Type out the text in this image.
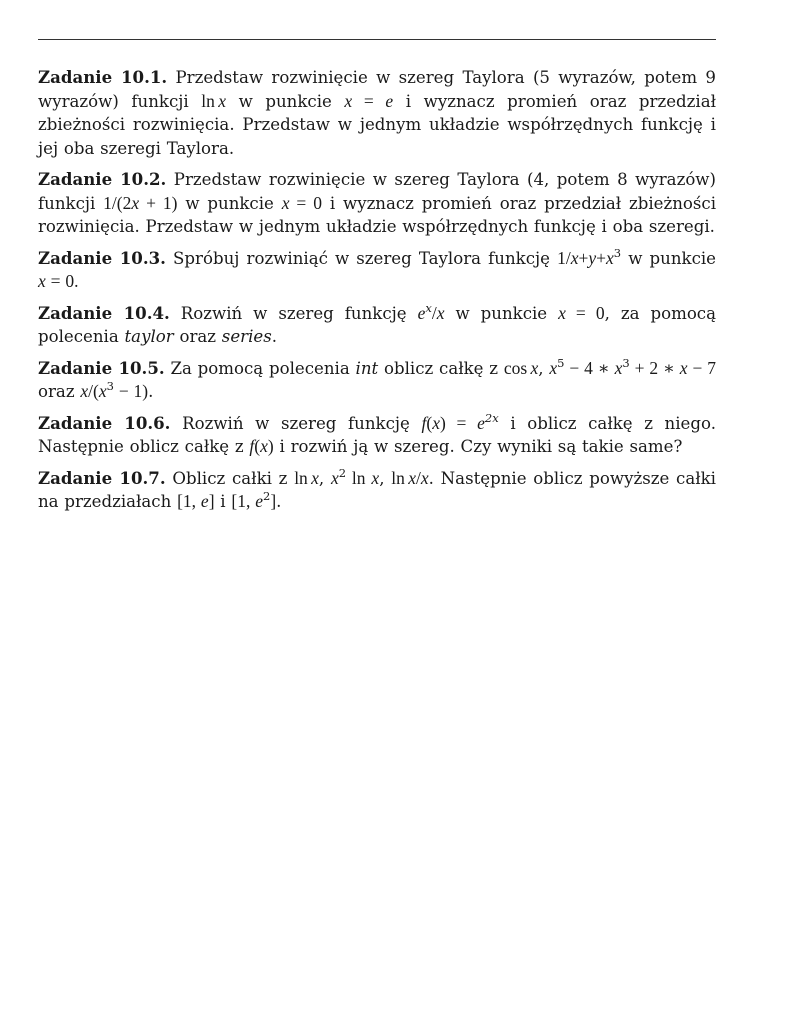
Zadanie 10.1. Przedstaw rozwinięcie w szereg Taylora (5 wyrazów, potem 9 wyrazów) funkcji ln  x w punkcie x = e i wyznacz promień oraz przedział zbieżności rozwinięcia. Przedstaw w jednym układzie współrzędnych funkcję i jej oba szeregi Taylora.

Zadanie 10.2. Przedstaw rozwinięcie w szereg Taylora (4, potem 8 wyrazów) funkcji 1/(2x + 1) w punkcie x = 0 i wyznacz promień oraz przedział zbieżności rozwinięcia. Przedstaw w jednym układzie współrzędnych funkcję i oba szeregi.

Zadanie 10.3. Spróbuj rozwiniąć w szereg Taylora funkcję $1/x+y+x^3$ w punkcie x = 0.

Zadanie 10.4. Rozwiń w szereg funkcję $e^x/x$ w punkcie x = 0, za pomocą polecenia taylor oraz series.

Zadanie 10.5. Za pomocą polecenia int oblicz całkę z cos  x, $x^5 - 4$ ∗ $x^3 + 2$ ∗ x − 7 oraz $x/(x^3 - 1)$.

Zadanie 10.6. Rozwiń w szereg funkcję $f(x) = e^{2x}$ i oblicz całkę z niego. Następnie oblicz całkę z f(x) i rozwiń ją w szereg. Czy wyniki są takie same?

Zadanie 10.7. Oblicz całki z ln  x, $x^2$ ln x, ln  x/x. Następnie oblicz powyższe całki na przedziałach [1, e] i [1, $e^2$].
